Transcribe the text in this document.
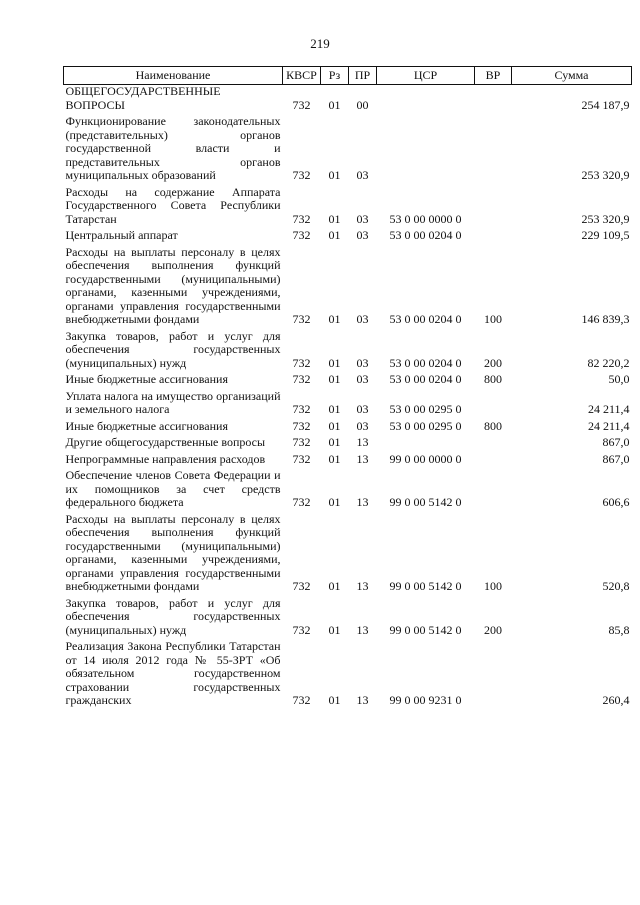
219
Наименование	КВСР	Рз	ПР	ЦСР	ВР	Сумма
ОБЩЕГОСУДАРСТВЕННЫЕ ВОПРОСЫ	732	01	00			254 187,9
Функционирование законодательных (представительных) органов государственной власти и представительных органов муниципальных образований	732	01	03			253 320,9
Расходы на содержание Аппарата Государственного Совета Республики Татарстан	732	01	03	53 0 00 0000 0		253 320,9
Центральный аппарат	732	01	03	53 0 00 0204 0		229 109,5
Расходы на выплаты персоналу в целях обеспечения выполнения функций государственными (муниципальными) органами, казенными учреждениями, органами управления государственными внебюджетными фондами	732	01	03	53 0 00 0204 0	100	146 839,3
Закупка товаров, работ и услуг для обеспечения государственных (муниципальных) нужд	732	01	03	53 0 00 0204 0	200	82 220,2
Иные бюджетные ассигнования	732	01	03	53 0 00 0204 0	800	50,0
Уплата налога на имущество организаций и земельного налога	732	01	03	53 0 00 0295 0		24 211,4
Иные бюджетные ассигнования	732	01	03	53 0 00 0295 0	800	24 211,4
Другие общегосударственные вопросы	732	01	13			867,0
Непрограммные направления расходов	732	01	13	99 0 00 0000 0		867,0
Обеспечение членов Совета Федерации и их помощников за счет средств федерального бюджета	732	01	13	99 0 00 5142 0		606,6
Расходы на выплаты персоналу в целях обеспечения выполнения функций государственными (муниципальными) органами, казенными учреждениями, органами управления государственными внебюджетными фондами	732	01	13	99 0 00 5142 0	100	520,8
Закупка товаров, работ и услуг для обеспечения государственных (муниципальных) нужд	732	01	13	99 0 00 5142 0	200	85,8
Реализация Закона Республики Татарстан от 14 июля 2012 года № 55-ЗРТ «Об обязательном государственном страховании государственных гражданских	732	01	13	99 0 00 9231 0		260,4
